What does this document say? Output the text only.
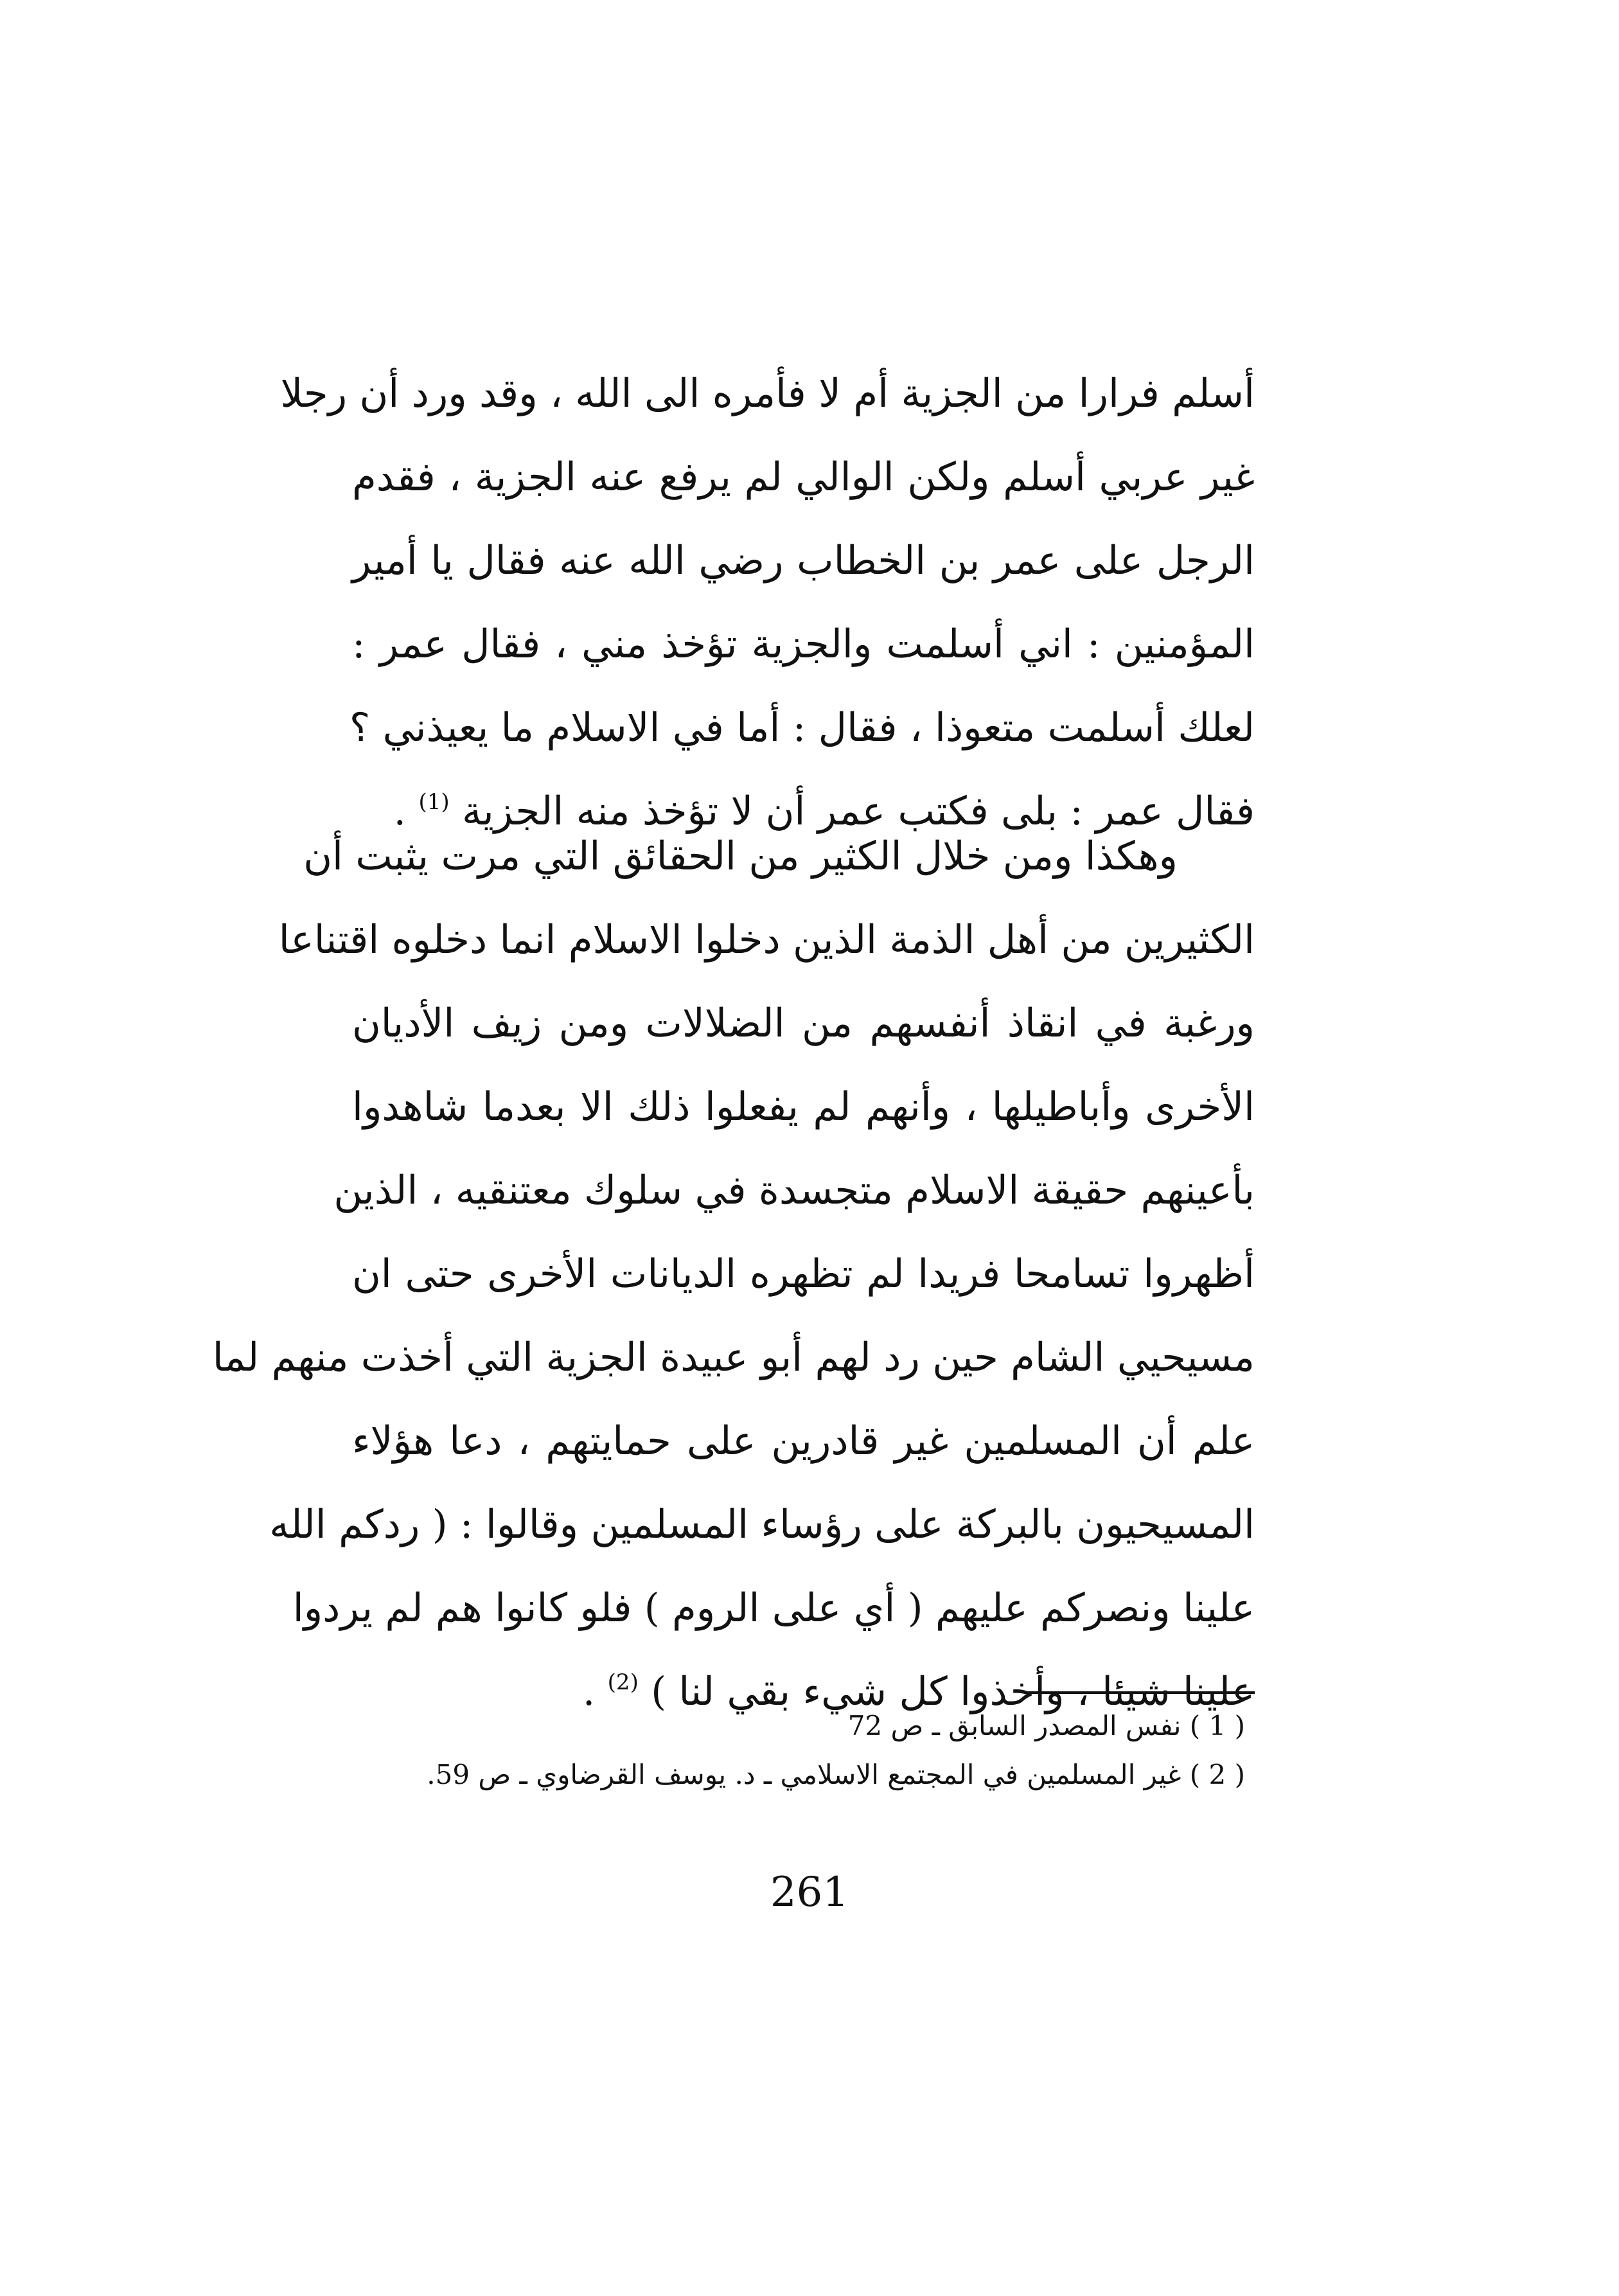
أسلم فرارا من الجزية أم لا فأمره الى الله ، وقد ورد أن رجلا
غير عربي أسلم ولكن الوالي لم يرفع عنه الجزية ، فقدم
الرجل على عمر بن الخطاب رضي الله عنه فقال يا أمير
المؤمنين : اني أسلمت والجزية تؤخذ مني ، فقال عمر :
لعلك أسلمت متعوذا ، فقال : أما في الاسلام ما يعيذني ؟
فقال عمر : بلى فكتب عمر أن لا تؤخذ منه الجزية $^{(1)}$ .
وهكذا ومن خلال الكثير من الحقائق التي مرت يثبت أن
الكثيرين من أهل الذمة الذين دخلوا الاسلام انما دخلوه اقتناعا
ورغبة في انقاذ أنفسهم من الضلالات ومن زيف الأديان
الأخرى وأباطيلها ، وأنهم لم يفعلوا ذلك الا بعدما شاهدوا
بأعينهم حقيقة الاسلام متجسدة في سلوك معتنقيه ، الذين
أظهروا تسامحا فريدا لم تظهره الديانات الأخرى حتى ان
مسيحيي الشام حين رد لهم أبو عبيدة الجزية التي أخذت منهم لما
علم أن المسلمين غير قادرين على حمايتهم ، دعا هؤلاء
المسيحيون بالبركة على رؤساء المسلمين وقالوا : ( ردكم الله
علينا ونصركم عليهم ( أي على الروم ) فلو كانوا هم لم يردوا
علينا شيئا ، وأخذوا كل شيء بقي لنا ) $^{(2)}$ .
( 1 ) نفس المصدر السابق ـ ص 72
( 2 ) غير المسلمين في المجتمع الاسلامي ـ د. يوسف القرضاوي ـ ص 59.
261
